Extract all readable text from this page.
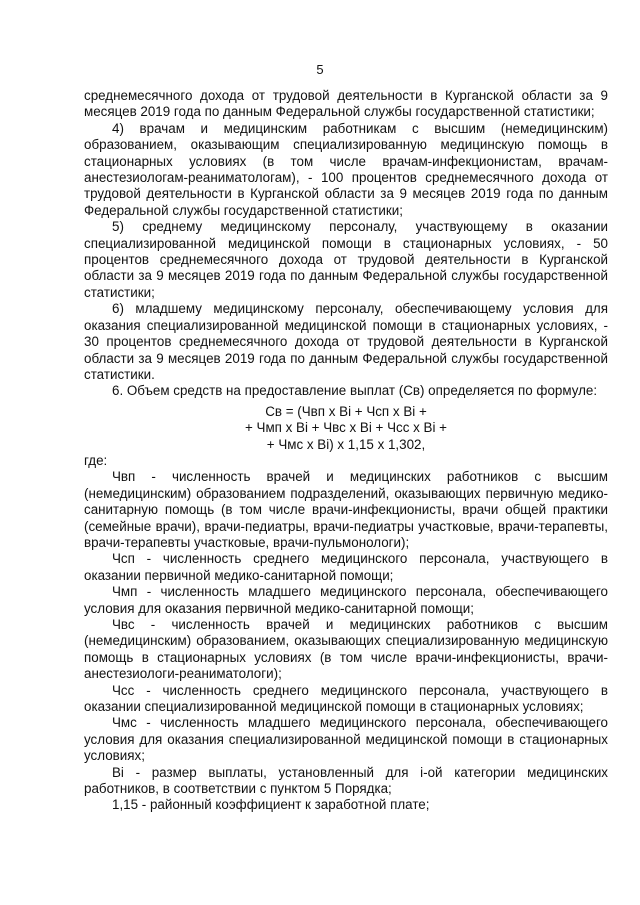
5

среднемесячного дохода от трудовой деятельности в Курганской области за 9 месяцев 2019 года по данным Федеральной службы государственной статистики;

4) врачам и медицинским работникам с высшим (немедицинским) образованием, оказывающим специализированную медицинскую помощь в стационарных условиях (в том числе врачам-инфекционистам, врачам-анестезиологам-реаниматологам), - 100 процентов среднемесячного дохода от трудовой деятельности в Курганской области за 9 месяцев 2019 года по данным Федеральной службы государственной статистики;

5) среднему медицинскому персоналу, участвующему в оказании специализированной медицинской помощи в стационарных условиях, - 50 процентов среднемесячного дохода от трудовой деятельности в Курганской области за 9 месяцев 2019 года по данным Федеральной службы государственной статистики;

6) младшему медицинскому персоналу, обеспечивающему условия для оказания специализированной медицинской помощи в стационарных условиях, - 30 процентов среднемесячного дохода от трудовой деятельности в Курганской области за 9 месяцев 2019 года по данным Федеральной службы государственной статистики.

6. Объем средств на предоставление выплат (Св) определяется по формуле:

Св = (Чвп x Bi + Чсп x Bi +
+ Чмп x Bi + Чвс x Bi + Чсс x Bi +
+ Чмс x Bi) x 1,15 x 1,302,

где:

Чвп - численность врачей и медицинских работников с высшим (немедицинским) образованием подразделений, оказывающих первичную медико-санитарную помощь (в том числе врачи-инфекционисты, врачи общей практики (семейные врачи), врачи-педиатры, врачи-педиатры участковые, врачи-терапевты, врачи-терапевты участковые, врачи-пульмонологи);

Чсп - численность среднего медицинского персонала, участвующего в оказании первичной медико-санитарной помощи;

Чмп - численность младшего медицинского персонала, обеспечивающего условия для оказания первичной медико-санитарной помощи;

Чвс - численность врачей и медицинских работников с высшим (немедицинским) образованием, оказывающих специализированную медицинскую помощь в стационарных условиях (в том числе врачи-инфекционисты, врачи-анестезиологи-реаниматологи);

Чсс - численность среднего медицинского персонала, участвующего в оказании специализированной медицинской помощи в стационарных условиях;

Чмс - численность младшего медицинского персонала, обеспечивающего условия для оказания специализированной медицинской помощи в стационарных условиях;

Bi - размер выплаты, установленный для i-ой категории медицинских работников, в соответствии с пунктом 5 Порядка;

1,15 - районный коэффициент к заработной плате;
